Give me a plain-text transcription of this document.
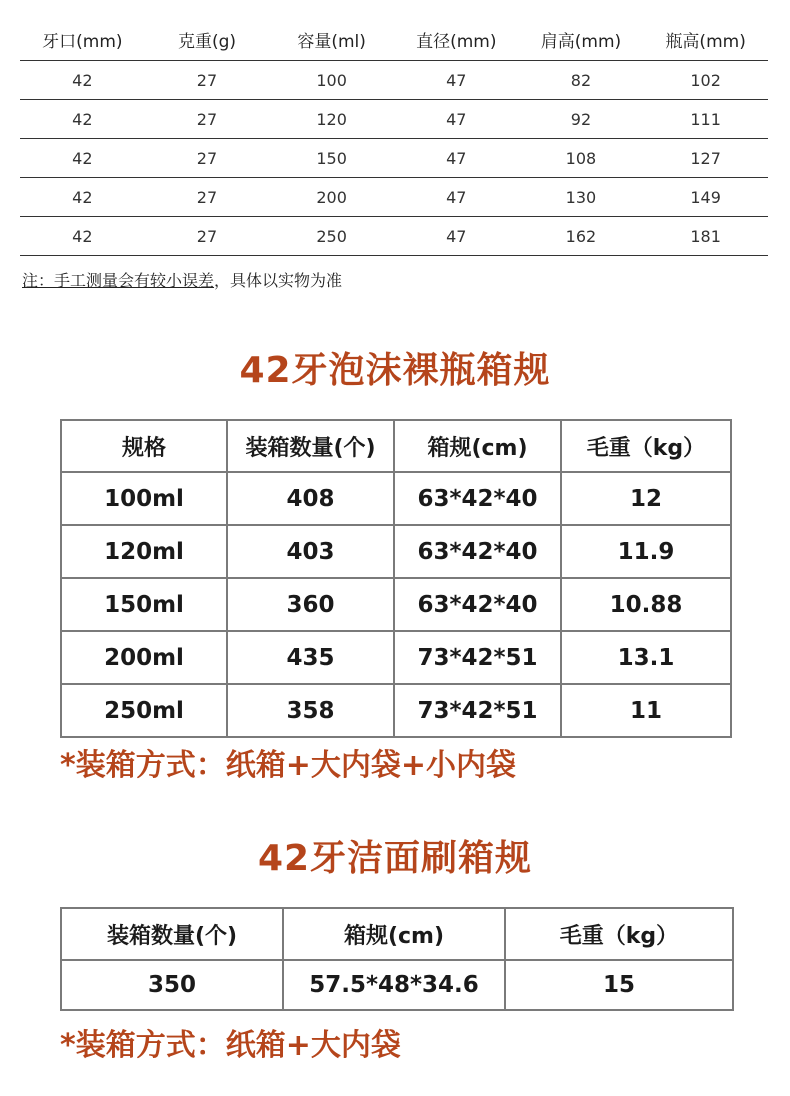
牙口(mm)	克重(g)	容量(ml)	直径(mm)	肩高(mm)	瓶高(mm)
42	27	100	47	82	102
42	27	120	47	92	111
42	27	150	47	108	127
42	27	200	47	130	149
42	27	250	47	162	181
注：手工测量会有较小误差，具体以实物为准
42牙泡沫裸瓶箱规
规格	装箱数量(个)	箱规(cm)	毛重（kg）
100ml	408	63*42*40	12
120ml	403	63*42*40	11.9
150ml	360	63*42*40	10.88
200ml	435	73*42*51	13.1
250ml	358	73*42*51	11
*装箱方式：纸箱+大内袋+小内袋
42牙洁面刷箱规
装箱数量(个)	箱规(cm)	毛重（kg）
350	57.5*48*34.6	15
*装箱方式：纸箱+大内袋
